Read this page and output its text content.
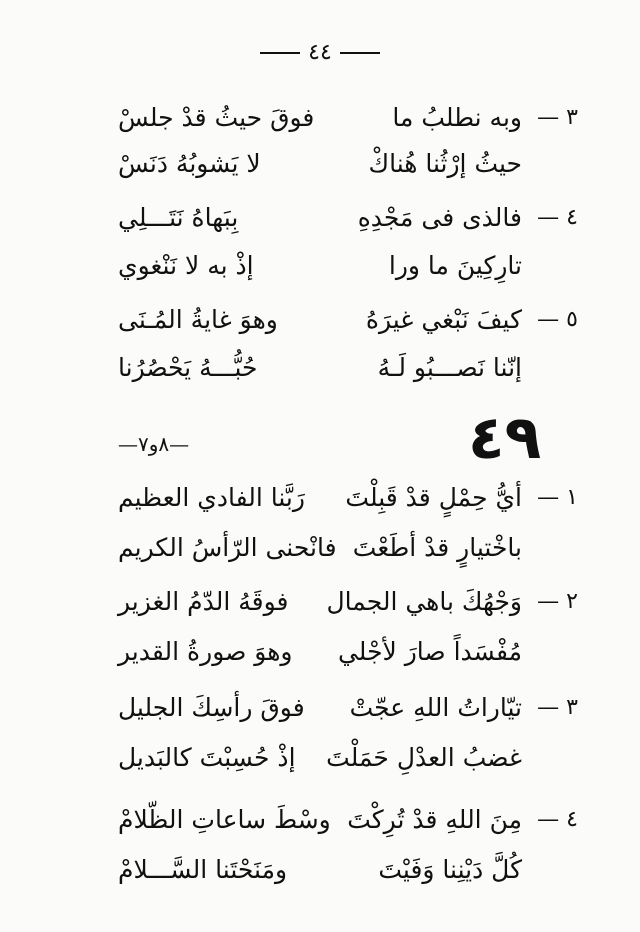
٤٤
٣ —
وبه نطلبُ ما
فوقَ حيثُ قدْ جلسْ
حيثُ إرْثُنا هُناكْ
لا يَشوبُهُ دَنَسْ
٤ —
فالذى فى مَجْدِهِ
بِبَهاهُ نَتَـــلِي
تارِكِينَ ما ورا
إذْ به لا نَنْغوي
٥ —
كيفَ نَبْغي غيرَهُ
وهوَ غايةُ المُـنَى
إنّنا نَصـــبُو لَـهُ
حُبُّـــهُ يَحْصُرُنا
٤٩
—٨و٧—
١ —
أيُّ حِمْلٍ قدْ قَبِلْتَ
رَبَّنا الفادي العظيم
باخْتيارٍ قدْ أطَعْتَ
فانْحنى الرّأسُ الكريم
٢ —
وَجْهُكَ باهي الجمال
فوقَهُ الدّمُ الغزير
مُفْسَداً صارَ لأجْلي
وهوَ صورةُ القدير
٣ —
تيّاراتُ اللهِ عجّتْ
فوقَ رأسِكَ الجليل
غضبُ العدْلِ حَمَلْتَ
إذْ حُسِبْتَ كالبَديل
٤ —
مِنَ اللهِ قدْ تُرِكْتَ
وسْطَ ساعاتِ الظّلامْ
كُلَّ دَيْنِنا وَفَيْتَ
ومَنَحْتَنا السَّـــلامْ
